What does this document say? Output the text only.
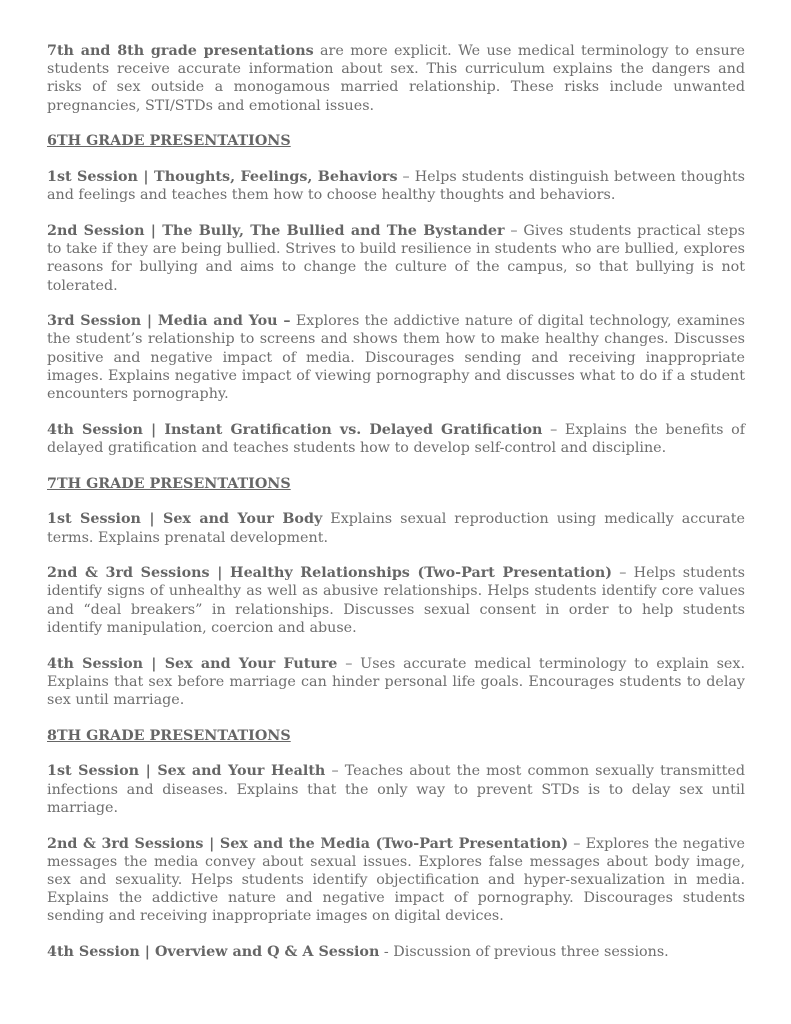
7th and 8th grade presentations are more explicit. We use medical terminology to ensure students receive accurate information about sex. This curriculum explains the dangers and risks of sex outside a monogamous married relationship. These risks include unwanted pregnancies, STI/STDs and emotional issues.

6TH GRADE PRESENTATIONS

1st Session | Thoughts, Feelings, Behaviors – Helps students distinguish between thoughts and feelings and teaches them how to choose healthy thoughts and behaviors.

2nd Session | The Bully, The Bullied and The Bystander – Gives students practical steps to take if they are being bullied. Strives to build resilience in students who are bullied, explores reasons for bullying and aims to change the culture of the campus, so that bullying is not tolerated.

3rd Session | Media and You – Explores the addictive nature of digital technology, examines the student’s relationship to screens and shows them how to make healthy changes. Discusses positive and negative impact of media. Discourages sending and receiving inappropriate images. Explains negative impact of viewing pornography and discusses what to do if a student encounters pornography.

4th Session | Instant Gratification vs. Delayed Gratification – Explains the benefits of delayed gratification and teaches students how to develop self-control and discipline.

7TH GRADE PRESENTATIONS

1st Session | Sex and Your Body Explains sexual reproduction using medically accurate terms. Explains prenatal development.

2nd & 3rd Sessions | Healthy Relationships (Two-Part Presentation) – Helps students identify signs of unhealthy as well as abusive relationships. Helps students identify core values and “deal breakers” in relationships. Discusses sexual consent in order to help students identify manipulation, coercion and abuse.

4th Session | Sex and Your Future – Uses accurate medical terminology to explain sex. Explains that sex before marriage can hinder personal life goals. Encourages students to delay sex until marriage.

8TH GRADE PRESENTATIONS

1st Session | Sex and Your Health – Teaches about the most common sexually transmitted infections and diseases. Explains that the only way to prevent STDs is to delay sex until marriage.

2nd & 3rd Sessions | Sex and the Media (Two-Part Presentation) – Explores the negative messages the media convey about sexual issues. Explores false messages about body image, sex and sexuality. Helps students identify objectification and hyper-sexualization in media. Explains the addictive nature and negative impact of pornography. Discourages students sending and receiving inappropriate images on digital devices.

4th Session | Overview and Q & A Session - Discussion of previous three sessions.
